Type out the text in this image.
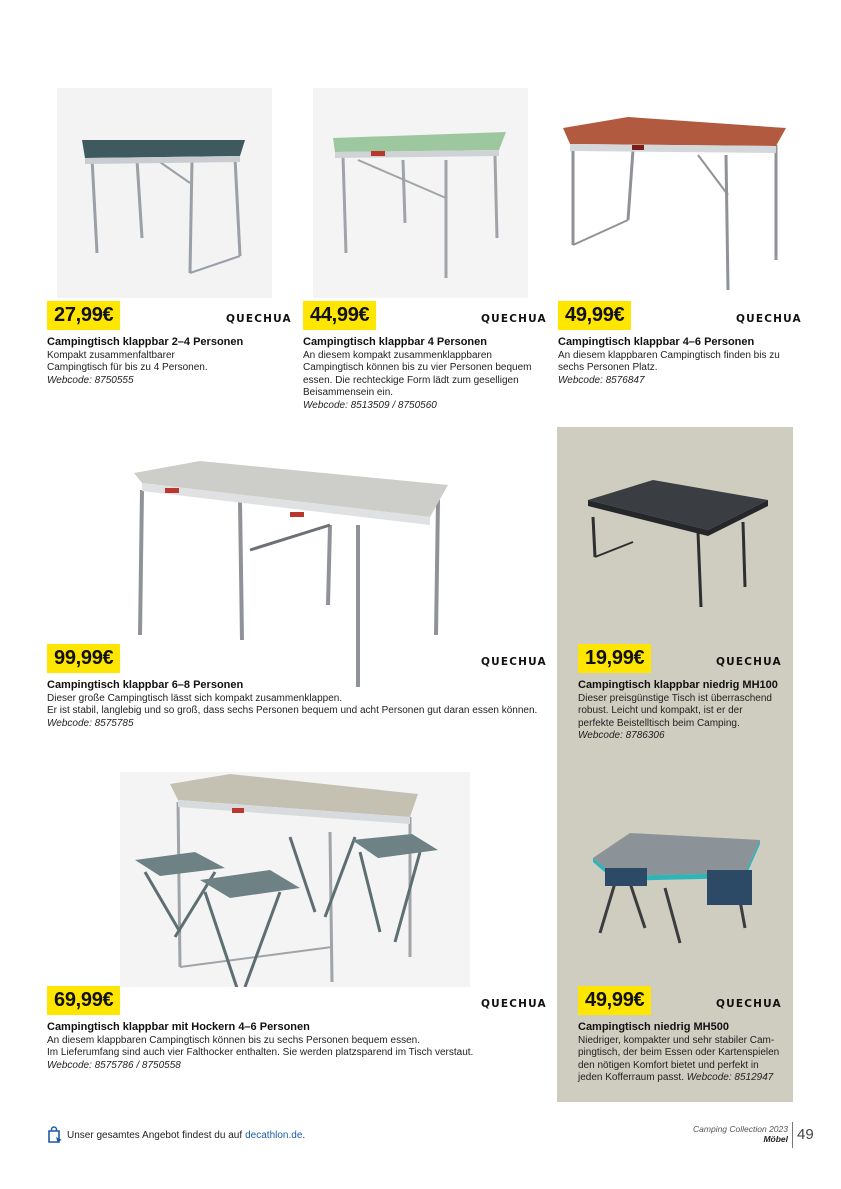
27,99€	QUECHUA
Campingtisch klappbar 2–4 Personen
Kompakt zusammenfaltbarer
Campingtisch für bis zu 4 Personen.
Webcode: 8750555
44,99€	QUECHUA
Campingtisch klappbar 4 Personen
An diesem kompakt zusammenklappbaren
Campingtisch können bis zu vier Personen bequem
essen. Die rechteckige Form lädt zum geselligen
Beisammensein ein.
Webcode: 8513509 / 8750560
49,99€	QUECHUA
Campingtisch klappbar 4–6 Personen
An diesem klappbaren Campingtisch finden bis zu
sechs Personen Platz.
Webcode: 8576847
99,99€	QUECHUA
Campingtisch klappbar 6–8 Personen
Dieser große Campingtisch lässt sich kompakt zusammenklappen.
Er ist stabil, langlebig und so groß, dass sechs Personen bequem und acht Personen gut daran essen können.
Webcode: 8575785
19,99€	QUECHUA
Campingtisch klappbar niedrig MH100
Dieser preisgünstige Tisch ist überraschend
robust. Leicht und kompakt, ist er der
perfekte Beistelltisch beim Camping.
Webcode: 8786306
69,99€	QUECHUA
Campingtisch klappbar mit Hockern 4–6 Personen
An diesem klappbaren Campingtisch können bis zu sechs Personen bequem essen.
Im Lieferumfang sind auch vier Falthocker enthalten. Sie werden platzsparend im Tisch verstaut.
Webcode: 8575786 / 8750558
49,99€	QUECHUA
Campingtisch niedrig MH500
Niedriger, kompakter und sehr stabiler Cam-
pingtisch, der beim Essen oder Kartenspielen
den nötigen Komfort bietet und perfekt in
jeden Kofferraum passt. Webcode: 8512947
Unser gesamtes Angebot findest du auf decathlon.de .
Camping Collection 2023
Möbel 49
